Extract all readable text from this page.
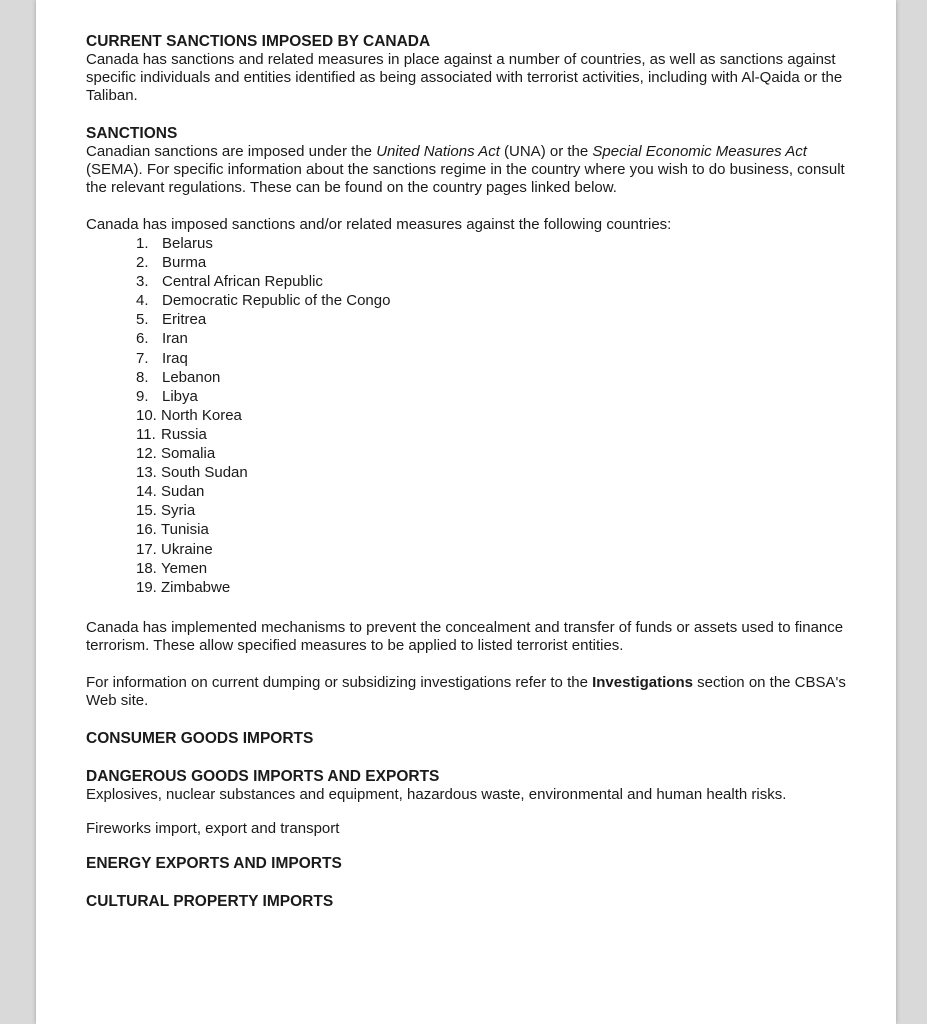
CURRENT SANCTIONS IMPOSED BY CANADA

Canada has sanctions and related measures in place against a number of countries, as well as sanctions against specific individuals and entities identified as being associated with terrorist activities, including with Al-Qaida or the Taliban.

SANCTIONS

Canadian sanctions are imposed under the United Nations Act (UNA) or the Special Economic Measures Act (SEMA). For specific information about the sanctions regime in the country where you wish to do business, consult the relevant regulations. These can be found on the country pages linked below.

Canada has imposed sanctions and/or related measures against the following countries:

1. Belarus
2. Burma
3. Central African Republic
4. Democratic Republic of the Congo
5. Eritrea
6. Iran
7. Iraq
8. Lebanon
9. Libya
10. North Korea
11. Russia
12. Somalia
13. South Sudan
14. Sudan
15. Syria
16. Tunisia
17. Ukraine
18. Yemen
19. Zimbabwe

Canada has implemented mechanisms to prevent the concealment and transfer of funds or assets used to finance terrorism. These allow specified measures to be applied to listed terrorist entities.

For information on current dumping or subsidizing investigations refer to the Investigations section on the CBSA's Web site.

CONSUMER GOODS IMPORTS

DANGEROUS GOODS IMPORTS AND EXPORTS

Explosives, nuclear substances and equipment, hazardous waste, environmental and human health risks.

Fireworks import, export and transport

ENERGY EXPORTS AND IMPORTS

CULTURAL PROPERTY IMPORTS
